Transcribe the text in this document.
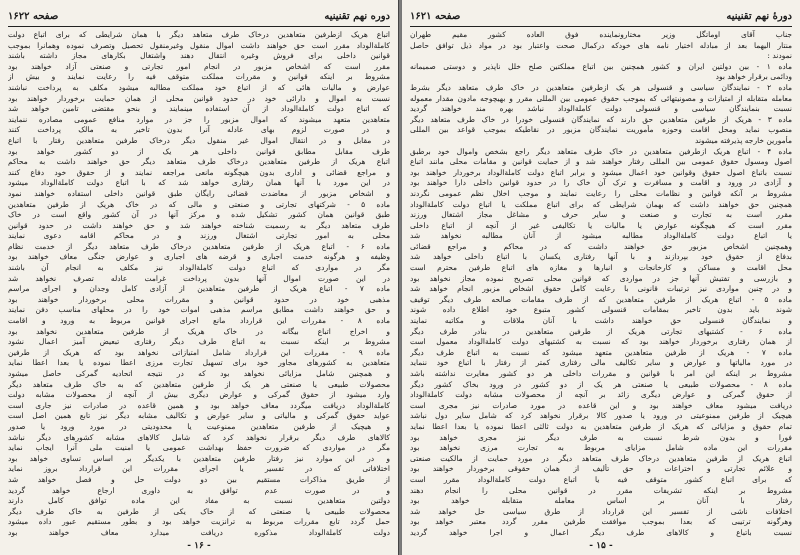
دوره نهم تقنینیه
صفحه ۱۶۲۲
اتباع هریک ازطرفین متعاهدین درخاک طرف متعاهد دیگر با همان شرایطی که برای اتباع دولت
کاملةالوداد مقرر است حق خواهند داشت اموال منقول وغیرمنقول تحصیل وتصرف نموده وهمانرا بموجب
قوانین داخلی برای فروش وغیره انتقال دهند واشتغال بکارهای مجاز داشته باشند
مقرر است که اشخاص مزبور در انجام امور تجارتی و صنعتی آزاد خواهند بود
مشروط بر اینکه قوانین و مقررات مملکت متوقف فیه را رعایت نمایند و بیش از
عوارض و مالیات هائی که از اتباع خود مملکت مطالبه میشود مکلف به پرداخت نباشند
نسبت به اموال و دارائی خود در حدود قوانین محلی از همان حمایت برخوردار خواهند بود
که اتباع دولت کاملةالوداد از آن استفاده مینمایند و بنحو مقتضی تامین خواهد شد
متعاهدین متعهد میشوند که اموال مزبور را جز در موارد منافع عمومی مصادره ننمایند
و در صورت لزوم بهای عادله آنرا بدون تاخیر به مالک پرداخت کنند
در مقابل و در انتقال اموال غیر منقول دیگر درخاک طرفین متعاهدین رفتار با اتباع
طرف مقابل مطابق قوانین داخلی هر یک از دو کشور خواهد بود
اتباع هریک از طرفین متعاهدین درخاک طرف متعاهد دیگر حق خواهند داشت به محاکم
و مراجع قضائی و اداری بدون هیچگونه مانعی مراجعه نمایند و از حقوق خود دفاع کنند
در این مورد با آنها همان رفتاری خواهد شد که با اتباع دولت کاملةالوداد میشود
و اشخاص مزبور از معاضدت قضائی رایگان طبق قوانین داخلی استفاده خواهند نمود
ماده ۵ - شرکتهای تجارتی و صنعتی و مالی که در خاک هریک از طرفین متعاهدین
طبق قوانین همان کشور تشکیل شده و مرکز آنها در آن کشور واقع است در خاک
طرف متعاهد دیگر به رسمیت شناخته خواهند شد و حق خواهند داشت در حدود قوانین
محلی به امور تجارتی اشتغال ورزند و در محاکم اقامه دعوی نمایند
ماده ۶ - اتباع هریک از طرفین متعاهدین درخاک طرف متعاهد دیگر از خدمت نظام
وظیفه و هرگونه خدمت اجباری و قرضه های اجباری و عوارض جنگی معاف خواهند بود
مگر در مواردی که اتباع دولت کاملةالوداد نیز مکلف به انجام آن باشند
در این صورت اموال آنها بدون پرداخت غرامت عادله تصرف نخواهد شد
ماده ۷ - اتباع هریک از طرفین متعاهدین از آزادی کامل وجدان و اجرای مراسم
مذهبی خود در حدود قوانین و مقررات محلی برخوردار خواهند بود
و حق خواهند داشت مطابق مراسم مذهبی اموات خود را در محلهای مناسب دفن نمایند
ماده ۸ - مقررات این قرارداد مانع اجرای قوانین مربوط به ورود و اقامت
و اخراج اتباع بیگانه در خاک هریک از طرفین متعاهدین نخواهد بود
مشروط بر اینکه نسبت به اتباع طرف دیگر رفتاری تبعیض آمیز اعمال نشود
ماده ۹ - مقررات این قرارداد شامل امتیازاتی نخواهد بود که هریک از طرفین
متعاهدین به کشورهای مجاور خود برای تسهیل تجارت مرزی اعطا نموده یا بعدا اعطا نماید
و همچنین شامل مزایائی نخواهد بود که در نتیجه اتحادیه گمرکی حاصل میشود
محصولات طبیعی یا صنعتی هر یک از طرفین متعاهدین که به خاک طرف متعاهد دیگر
وارد میشود از حقوق گمرکی و عوارض دیگری بیش از آنچه از محصولات مشابه دولت
کاملةالوداد دریافت میگردد معاف خواهد بود و همین قاعده در صادرات نیز جاری است
عواید حقوق گمرکی و مالیاتی و سایر عوارض و تکالیف مشابه دیگر نیز تابع همین اصل است
و هیچیک از طرفین متعاهدین ممنوعیت یا محدودیتی در مورد ورود یا صدور
کالاهای طرف دیگر برقرار نخواهد کرد که شامل کالاهای مشابه کشورهای دیگر نباشد
مگر در مواردی که ضرورت حفظ بهداشت عمومی یا امنیت ملی آنرا ایجاب نماید
و در این موارد نیز رفتار طرفین متعاهدین با یکدیگر بر اساس تساوی خواهد بود
اختلافاتی که در تفسیر یا اجرای مقررات این قرارداد بروز نماید
از طریق مذاکرات مستقیم بین دو دولت حل و فصل خواهد شد
و در صورت عدم توافق به داوری ارجاع خواهد گردید
دولتین متعاهدین نسبت به مفاد این ماده توافق کامل دارند
محصولات طبیعی یا صنعتی که از خاک یکی از طرفین به خاک طرف دیگر
حمل گردد تابع مقررات مربوط به ترانزیت خواهد بود و بطور مستقیم عبور داده میشود
دولت کاملةالوداد مذکوره دریافت میدارد معاف خواهند بود
- ۱۶ -
دورهٔ نهم تقنینیه
صفحه ۱۶۲۱
جناب آقای اوماتگل وزیر مختارونماینده فوق العاده کشور مقیم طهران
منتار الیهما بعد از مبادله اختیار نامه های خودکه درکمال صحت واعتبار بود در مواد ذیل توافق حاصل
نمودند :
ماده ۱ - بین دولتین ایران و کشور همچنین بین اتباع مملکتین صلح خلل ناپذیر و دوستی صمیمانه
ودائمی برقرار خواهد بود
ماده ۲ - نمایندگان سیاسی و قنسولی هر یک ازطرفین متعاهدین در خاک طرف متعاهد دیگر بشرط
معامله متقابله از امتیازات و مصونیتهائی که بموجب حقوق عمومی بین المللی مقرر و بهیچوجه مادون مقدار معموله
نسبت بنمایندگان سیاسی و قنسولی دولت کاملةالوداد نباشد بهره مند خواهند گردید
ماده ۳ - هریک از طرفین متعاهدین حق دارند که نمایندگان قنسولی خودرا در خاک طرف متعاهد دیگر
منصوب نماید ومحل اقامت وحوزه مأموریت نمایندگان مزبور در نقاطیکه بموجب قواعد بین المللی
مأمورین خارجه پذیرفته میشوند
ماده ۴ - اتباع هریک ازطرفین متعاهدین در خاک طرف متعاهد دیگر راجع بشخص واموال خود برطبق
اصول ومسول حقوق عمومی بین المللی رفتار خواهند شد و از حمایت قوانین و مقامات محلی مانند اتباع
نسبت باتباع اصول حقوق وقوانین خود اعمال میشود و برابر اتباع دولت کاملةالوداد برخوردار خواهند بود
و آزادی در ورود و اقامت و مسافرت و ترک آن خاک را در حدود قوانین داخلی دارا خواهند بود
مشروط بر آنکه قوانین و نظامات محلی را رعایت نمایند و موجب اخلال نظم عمومی نگردند
همچنین حق خواهند داشت که بهمان شرایطی که برای اتباع مملکت یا اتباع دولت کاملةالوداد
مقرر است به تجارت و صنعت و سایر حرف و مشاغل مجاز اشتغال ورزند
مقرر است که هیچگونه عوارض یا مالیات یا تکالیفی غیر از آنچه از اتباع داخلی
یا اتباع دولت کاملةالوداد مطالبه میشود از آنان مطالبه نخواهد شد
وهمچنین اشخاص مزبور حق خواهند داشت که در محاکم و مراجع قضائی
بدفاع از حقوق خود بپردازند و با آنها رفتاری یکسان با اتباع داخلی خواهد شد
محل اقامت و مساکن و کارخانجات و انبارها و مغازه های اتباع طرفین محترم است
و بازرسی و تفتیش آنها جز در مواردی که قوانین محلی تصریح نموده مجاز نخواهد بود
و در چنین مواردی نیز ترتیبات قانونی با رعایت کامل حقوق اشخاص مزبور انجام خواهد شد
ماده ۵ - اتباع هریک از طرفین متعاهدین که از طرف مقامات صالحه طرف دیگر توقیف
شوند باید بدون تاخیر بمقامات قنسولی کشور متبوع خود اطلاع داده شوند
و نمایندگان قنسولی حق خواهند داشت با آنان ملاقات و مکاتبه نمایند
ماده ۶ - کشتیهای تجارتی هریک از طرفین متعاهدین در بنادر طرف دیگر
از همان رفتاری برخوردار خواهند بود که نسبت به کشتیهای دولت کاملةالوداد معمول است
ماده ۷ - هریک از طرفین متعاهدین متعهد میشود که نسبت به اتباع طرف دیگر
در مورد مالیاتها و عوارض و سایر تکالیف مالی رفتاری کمتر از رفتار با اتباع خود ننماید
مشروط بر اینکه این امر با قوانین و مقررات داخلی هر دو کشور مغایرت نداشته باشد
ماده ۸ - محصولات طبیعی یا صنعتی هر یک از دو کشور در ورود بخاک کشور دیگر
از حقوق گمرکی و عوارض دیگری زائد بر آنچه از محصولات مشابه دولت کاملةالوداد
دریافت میشود معاف خواهند بود و این قاعده در مورد صادرات نیز مجری است
هیچیک از طرفین ممنوعیتی در ورود یا صدور کالا برقرار نخواهد کرد که شامل سایر دول نباشد
تمام حقوق و مزایائی که هریک از طرفین متعاهدین به دولت ثالثی اعطا نموده یا بعدا اعطا نماید
فورا و بدون شرط نسبت به طرف دیگر نیز مجری خواهد بود
مقررات این ماده شامل مزایای مربوط به تجارت مرزی نخواهد بود
اتباع هریک از طرفین متعاهدین درخاک طرف متعاهد دیگر در مورد حمایت از مالکیت صنعتی
و علائم تجارتی و اختراعات و حق تألیف از همان حقوقی برخوردار خواهند بود
که برای اتباع کشور متوقف فیه یا اتباع دولت کاملةالوداد مقرر است
مشروط بر اینکه تشریفات مقرر در قوانین محلی را انجام دهند
رفتار با آنان بر اساس معامله متقابله خواهد بود
اختلافات ناشی از تفسیر این قرارداد از طرق سیاسی حل خواهد شد
وهرگونه ترتیبی که بعدا بموجب موافقت طرفین مقرر گردد معتبر خواهد بود
نسبت باتباع و کالاهای طرف دیگر اعمال و اجرا خواهد گردید
- ۱۵ -
